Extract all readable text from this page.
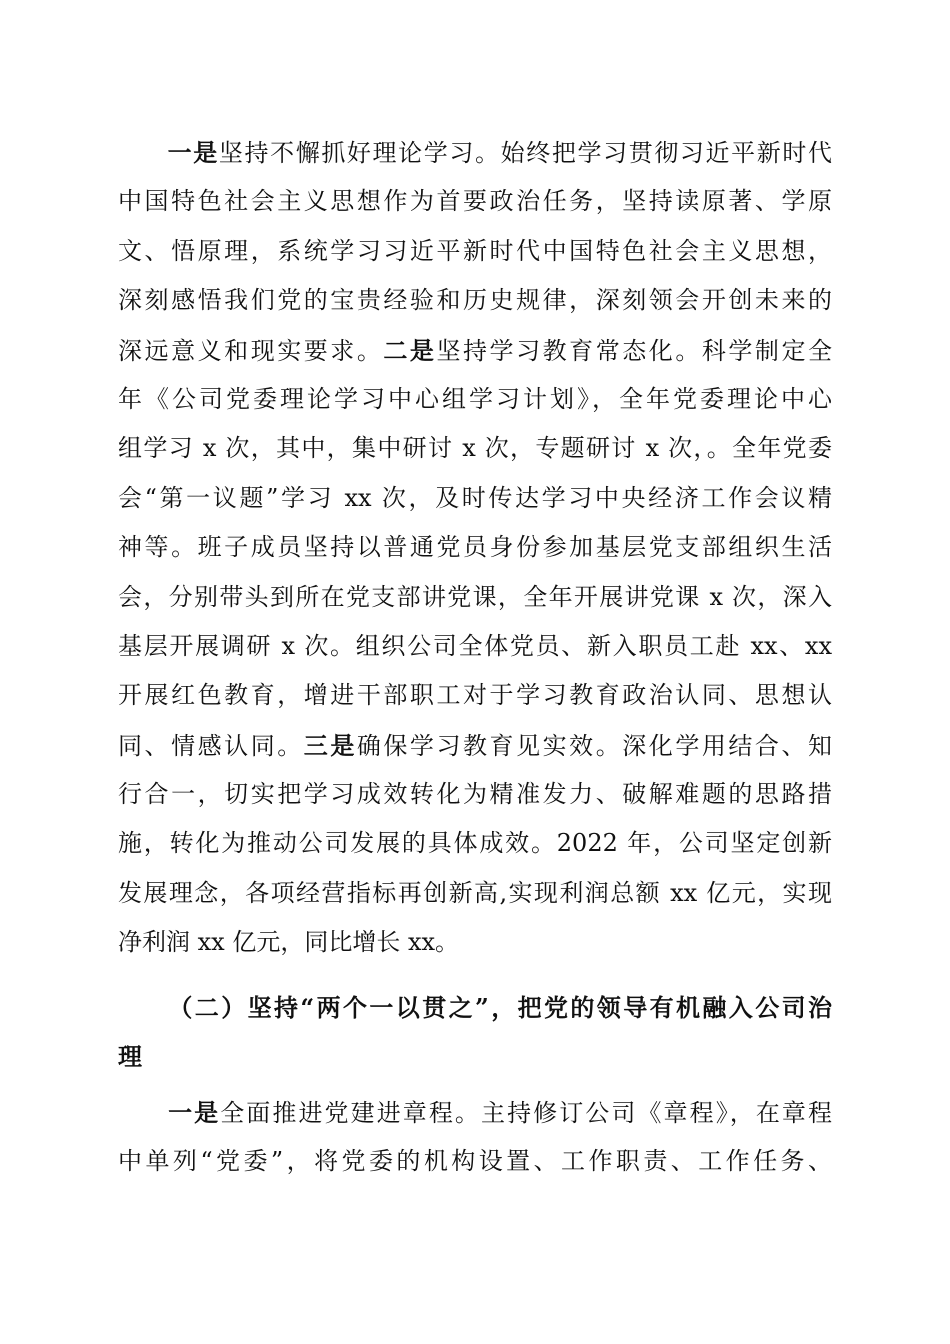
一是坚持不懈抓好理论学习。始终把学习贯彻习近平新时代
中国特色社会主义思想作为首要政治任务，坚持读原著、学原
文、悟原理，系统学习习近平新时代中国特色社会主义思想，
深刻感悟我们党的宝贵经验和历史规律，深刻领会开创未来的
深远意义和现实要求。二是坚持学习教育常态化。科学制定全
年《公司党委理论学习中心组学习计划》，全年党委理论中心
组学习 x 次，其中，集中研讨 x 次，专题研讨 x 次，。全年党委
会“第一议题”学习 xx 次，及时传达学习中央经济工作会议精
神等。班子成员坚持以普通党员身份参加基层党支部组织生活
会，分别带头到所在党支部讲党课，全年开展讲党课 x 次，深入
基层开展调研 x 次。组织公司全体党员、新入职员工赴 xx、xx
开展红色教育，增进干部职工对于学习教育政治认同、思想认
同、情感认同。三是确保学习教育见实效。深化学用结合、知
行合一，切实把学习成效转化为精准发力、破解难题的思路措
施，转化为推动公司发展的具体成效。2022 年，公司坚定创新
发展理念，各项经营指标再创新高,实现利润总额 xx 亿元，实现
净利润 xx 亿元，同比增长 xx。
（二）坚持“两个一以贯之”，把党的领导有机融入公司治
理
一是全面推进党建进章程。主持修订公司《章程》，在章程
中单列“党委”，将党委的机构设置、工作职责、工作任务、
